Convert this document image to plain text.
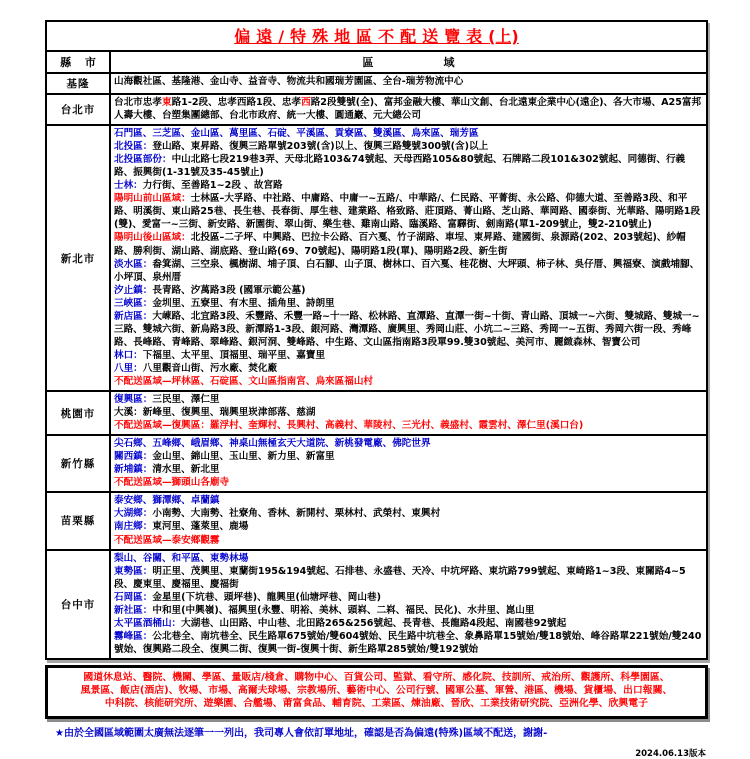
偏遠/特殊地區不配送覽表(上)
縣 市	區域
基隆	山海觀社區、基隆港、金山寺、益音寺、物流共和國瑞芳園區、全台-瑞芳物流中心
台北市
台北市忠孝東路1-2段、忠孝西路1段、忠孝西路2段雙號(全)、富邦金融大樓、華山文創、台北遠東企業中心(遠企)、各大市場、A25富邦人壽大樓、台塑集團總部、台北市政府、統一大樓、圓通巖、元大總公司
新北市
石門區、三芝區、金山區、萬里區、石碇、平溪區、貢寮區、雙溪區、烏來區、瑞芳區
北投區：登山路、東昇路、復興三路單號203號(含)以上、復興三路雙號300號(含)以上
北投區部份：中山北路七段219巷3弄、天母北路103&74號起、天母西路105&80號起、石牌路二段101&302號起、同德街、行義路、振興街(1-31號及35-45號止)
士林：力行街、至善路1~2段 、故宮路
陽明山前山區域：士林區–大孚路、中社路、中庸路、中庸一~五路/、中華路/、仁民路、平菁街、永公路、仰德大道、至善路3段、和平路、明溪街、東山路25巷、長生巷、長春街、厚生巷、建業路、格致路、莊頂路、菁山路、芝山路、華岡路、國泰街、光華路、陽明路1段(雙)、愛富一~三街、新安路、新園街、翠山街、樂生巷、雞南山路、臨溪路、富驛街、劍南路(單1-209號止，雙2-210號止)
陽明山後山區域：北投區–二子坪、中興路、巴拉卡公路、百六戛、竹子湖路、車埕、東昇路、建國街、泉源路(202、203號起)、紗帽路、勝利街、湖山路、湖底路、登山路(69、70號起)、陽明路1段(單)、陽明路2段、新生街
淡水區：畚箕湖、三空泉、楓樹湖、埔子頂、白石腳、山子頂、樹林口、百六戛、桂花樹、大坪頭、柿子林、吳仔厝、興福寮、演戲埔腳、小坪頂、泉州厝
汐止鎮：長青路、汐萬路3段 (國軍示範公墓)
三峽區：金圳里、五寮里、有木里、插角里、詩朗里
新店區：大崠路、北宜路3段、禾豐路、禾豐一路~十一路、松林路、直潭路、直潭一街~十街、青山路、頂城一~六街、雙城路、雙城一~三路、雙城六街、新烏路3段、新潭路1-3段、銀河路、灣潭路、廣興里、秀岡山莊、小坑二~三路、秀岡一~五街、秀岡六街一段、秀峰路、長峰路、青峰路、翠峰路、銀河洞、雙峰路、中生路、文山區指南路3段單99.雙30號起、美河市、麗緻森林、智寶公司
林口：下福里、太平里、頂福里、瑞平里、嘉寶里
八里：八里觀音山街、污水廠、焚化廠
不配送區域—坪林區、石碇區、文山區指南宮、烏來區福山村
桃園市
復興區：三民里、澤仁里
大溪：新峰里、復興里、瑞興里崁津部落、慈湖
不配送區域—復興區：羅浮村、奎輝村、長興村、高義村、華陵村、三光村、義盛村、霞雲村、澤仁里(溪口台)
新竹縣
尖石鄉、五峰鄉、峨眉鄉、神桌山無極玄天大道院、新桃發電廠、佛陀世界
關西鎮：金山里、錦山里、玉山里、新力里、新富里
新埔鎮：清水里、新北里
不配送區域—獅頭山各廟寺
苗栗縣
泰安鄉、獅潭鄉、卓蘭鎮
大湖鄉：小南勢、大南勢、社寮角、香林、新開村、栗林村、武榮村、東興村
南庄鄉：東河里、蓬萊里、鹿場
不配送區域—泰安鄉觀霧
台中市
梨山、谷關、和平區、東勢林場
東勢區：明正里、茂興里、東蘭街195&194號起、石排巷、永盛巷、天冷、中坑坪路、東坑路799號起、東崎路1~3段、東關路4~5段、慶東里、慶福里、慶福街
石岡區：金星里(下坑巷、頭坪巷)、龍興里(仙塘坪巷、岡山巷)
新社區：中和里(中興嶺)、福興里(永豐、明裕、美林、頭嵙、二嵙、福民、民化)、水井里、崑山里
太平區酒桶山：大湖巷、山田路、中山巷、北田路265&256號起、長青巷、長龍路4段起、南國巷92號起
霧峰區：公北巷全、南坑巷全、民生路單675號始/雙604號始、民生路中坑巷全、象鼻路單15號始/雙18號始、峰谷路單221號始/雙240號始、復興路二段全、復興二街、復興一街-復興十街、新生路單285號始/雙192號始
國道休息站、醫院、機關、學區、量販店/棧倉、購物中心、百貨公司、監獄、看守所、感化院、技訓所、戒治所、觀護所、科學園區、
風景區、飯店(酒店)、牧場、市場、高爾夫球場、宗教場所、藝術中心、公司行號、國軍公墓、軍營、港區、機場、貨櫃場、出口報關、
中科院、核能研究所、遊樂園、合艦場、莆富食品、輔育院、工業區、煉油廠、晉欣、工業技術研究院、亞洲化學、欣興電子
★由於全國區域範圍太廣無法逐筆一一列出，我司專人會依訂單地址，確認是否為偏遠(特殊)區域不配送，謝謝-
2024.06.13版本
